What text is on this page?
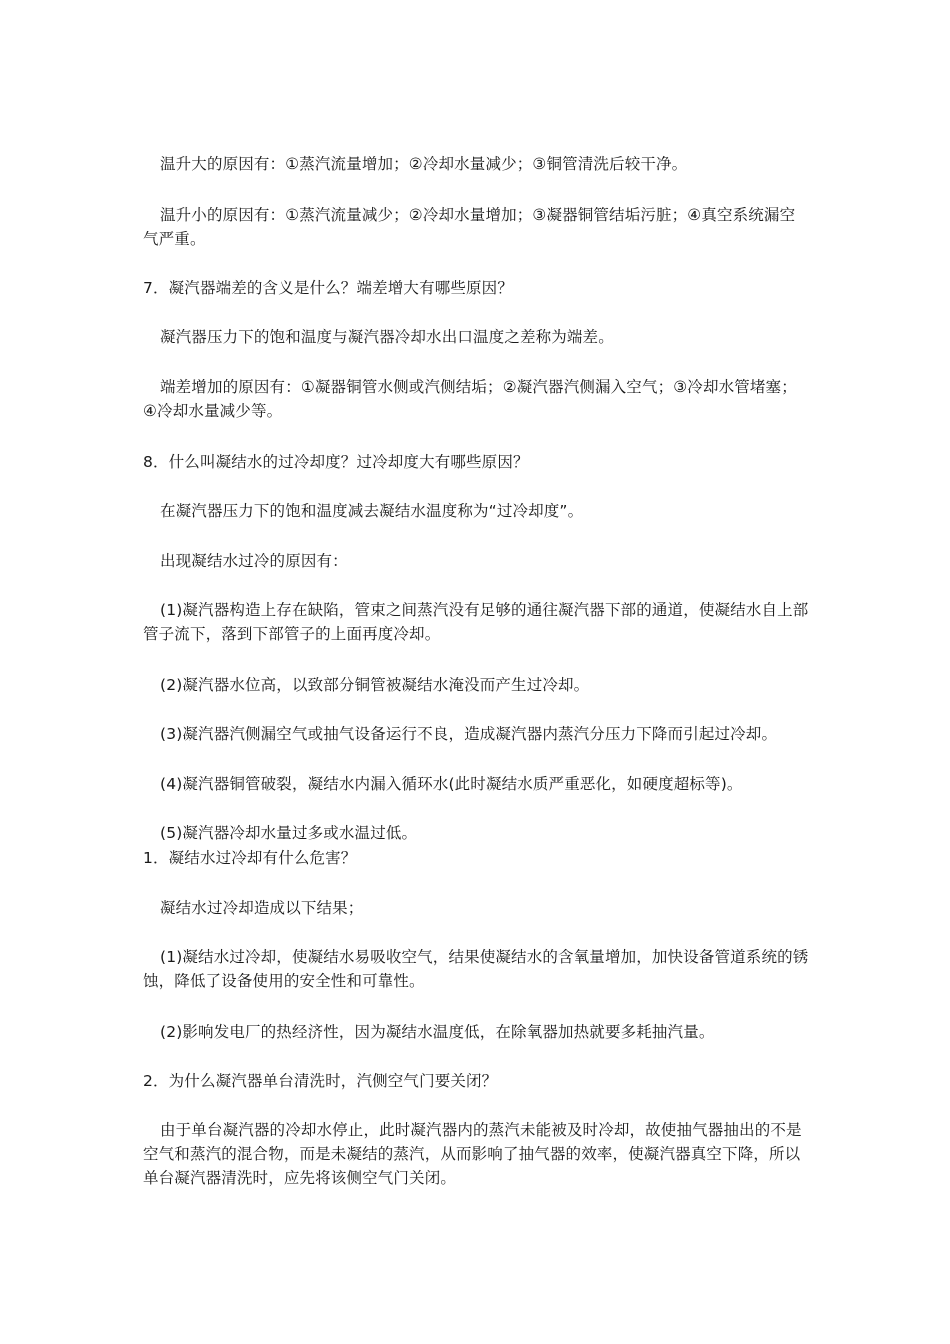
温升大的原因有：①蒸汽流量增加；②冷却水量减少；③铜管清洗后较干净。

温升小的原因有：①蒸汽流量减少；②冷却水量增加；③凝器铜管结垢污脏；④真空系统漏空气严重。

7．凝汽器端差的含义是什么？端差增大有哪些原因？

凝汽器压力下的饱和温度与凝汽器冷却水出口温度之差称为端差。

端差增加的原因有：①凝器铜管水侧或汽侧结垢；②凝汽器汽侧漏入空气；③冷却水管堵塞；④冷却水量减少等。

8．什么叫凝结水的过冷却度？过冷却度大有哪些原因？

在凝汽器压力下的饱和温度减去凝结水温度称为“过冷却度”。

出现凝结水过冷的原因有：

(1)凝汽器构造上存在缺陷，管束之间蒸汽没有足够的通往凝汽器下部的通道，使凝结水自上部管子流下，落到下部管子的上面再度冷却。

(2)凝汽器水位高，以致部分铜管被凝结水淹没而产生过冷却。

(3)凝汽器汽侧漏空气或抽气设备运行不良，造成凝汽器内蒸汽分压力下降而引起过冷却。

(4)凝汽器铜管破裂，凝结水内漏入循环水(此时凝结水质严重恶化，如硬度超标等)。

(5)凝汽器冷却水量过多或水温过低。

1．凝结水过冷却有什么危害？

凝结水过冷却造成以下结果；

(1)凝结水过冷却，使凝结水易吸收空气，结果使凝结水的含氧量增加，加快设备管道系统的锈蚀，降低了设备使用的安全性和可靠性。

(2)影响发电厂的热经济性，因为凝结水温度低，在除氧器加热就要多耗抽汽量。

2．为什么凝汽器单台清洗时，汽侧空气门要关闭？

由于单台凝汽器的冷却水停止，此时凝汽器内的蒸汽未能被及时冷却，故使抽气器抽出的不是空气和蒸汽的混合物，而是未凝结的蒸汽，从而影响了抽气器的效率，使凝汽器真空下降，所以单台凝汽器清洗时，应先将该侧空气门关闭。
